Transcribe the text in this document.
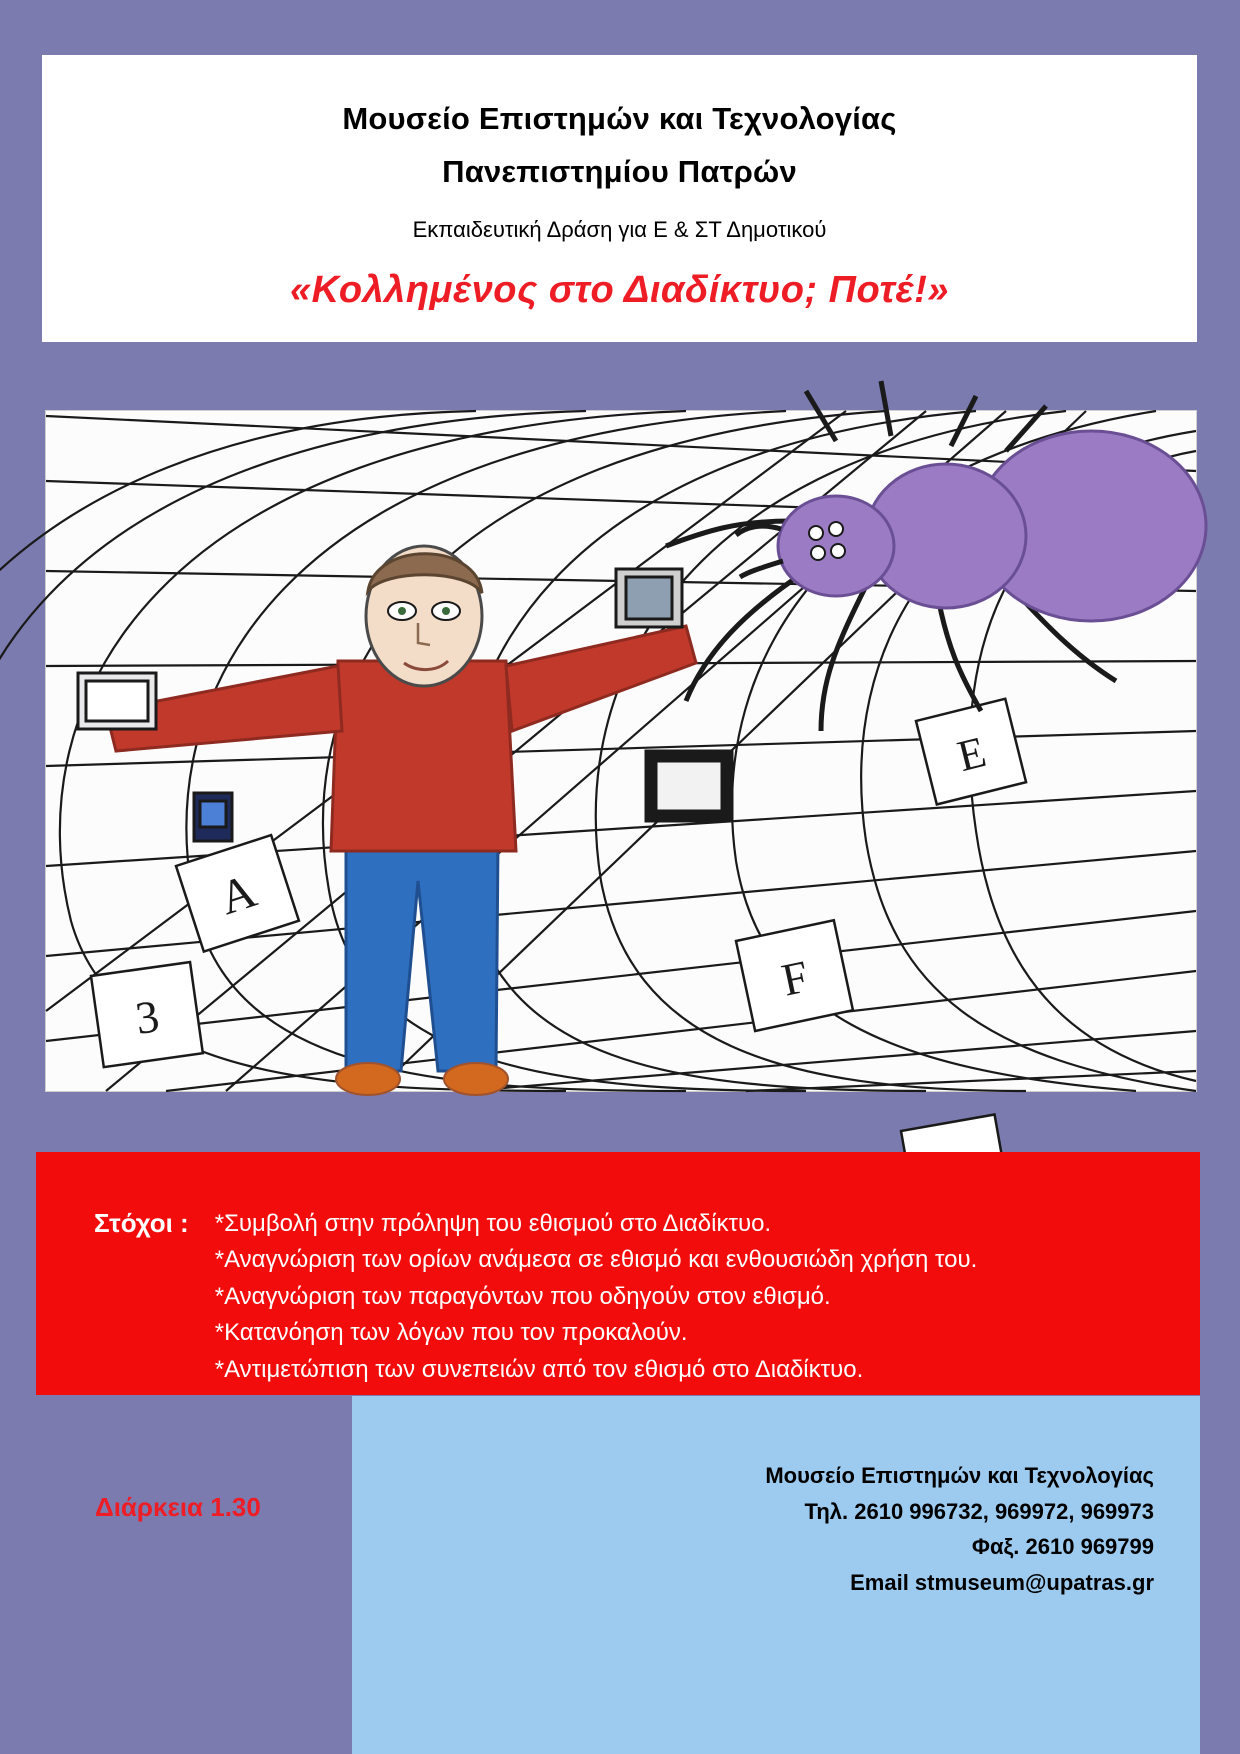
Μουσείο Επιστημών και Τεχνολογίας
Πανεπιστημίου Πατρών
Εκπαιδευτική Δράση για Ε & ΣΤ Δημοτικού
«Κολλημένος στο Διαδίκτυο; Ποτέ!»
A
F
3
E
Στόχοι :	*Συμβολή στην πρόληψη του εθισμού στο Διαδίκτυο.
*Αναγνώριση των ορίων ανάμεσα σε εθισμό και ενθουσιώδη χρήση του.
*Αναγνώριση των παραγόντων που οδηγούν στον εθισμό.
*Κατανόηση των λόγων που τον προκαλούν.
*Αντιμετώπιση των συνεπειών από τον εθισμό στο Διαδίκτυο.
Διάρκεια 1.30
Μουσείο Επιστημών και Τεχνολογίας
Τηλ. 2610 996732, 969972, 969973
Φαξ. 2610 969799
Email stmuseum@upatras.gr
